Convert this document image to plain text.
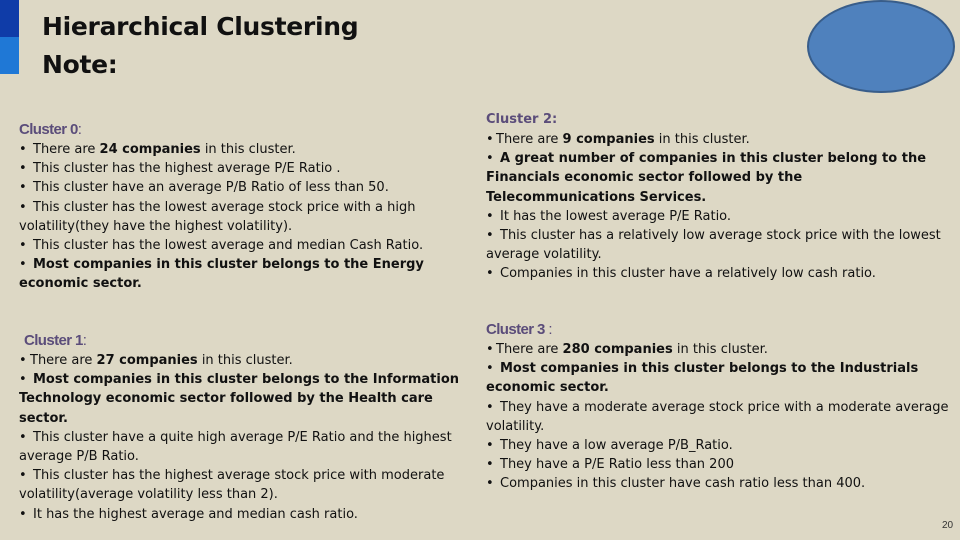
Hierarchical Clustering
Note:
Cluster 0:
• There are 24 companies in this cluster.
• This cluster has the highest average P/E Ratio .
• This cluster have an average P/B Ratio of less than 50.
• This cluster has the lowest average stock price with a high volatility(they have the highest volatility).
• This cluster has the lowest average and median Cash Ratio.
• Most companies in this cluster belongs to the Energy economic sector.
Cluster 1:
• There are 27 companies in this cluster.
• Most companies in this cluster belongs to the Information Technology economic sector followed by the Health care sector.
• This cluster have a quite high average P/E Ratio and the highest average P/B Ratio.
• This cluster has the highest average stock price with moderate volatility(average volatility less than 2).
• It has the highest average and median cash ratio.
Cluster 2:
• There are 9 companies in this cluster.
• A great number of companies in this cluster belong to the Financials economic sector followed by the Telecommunications Services.
• It has the lowest average P/E Ratio.
• This cluster has a relatively low average stock price with the lowest average volatility.
• Companies in this cluster have a relatively low cash ratio.
Cluster 3 :
• There are 280 companies in this cluster.
• Most companies in this cluster belongs to the Industrials economic sector.
• They have a moderate average stock price with a moderate average volatility.
• They have a low average P/B_Ratio.
• They have a P/E Ratio less than 200
• Companies in this cluster have cash ratio less than 400.
20
